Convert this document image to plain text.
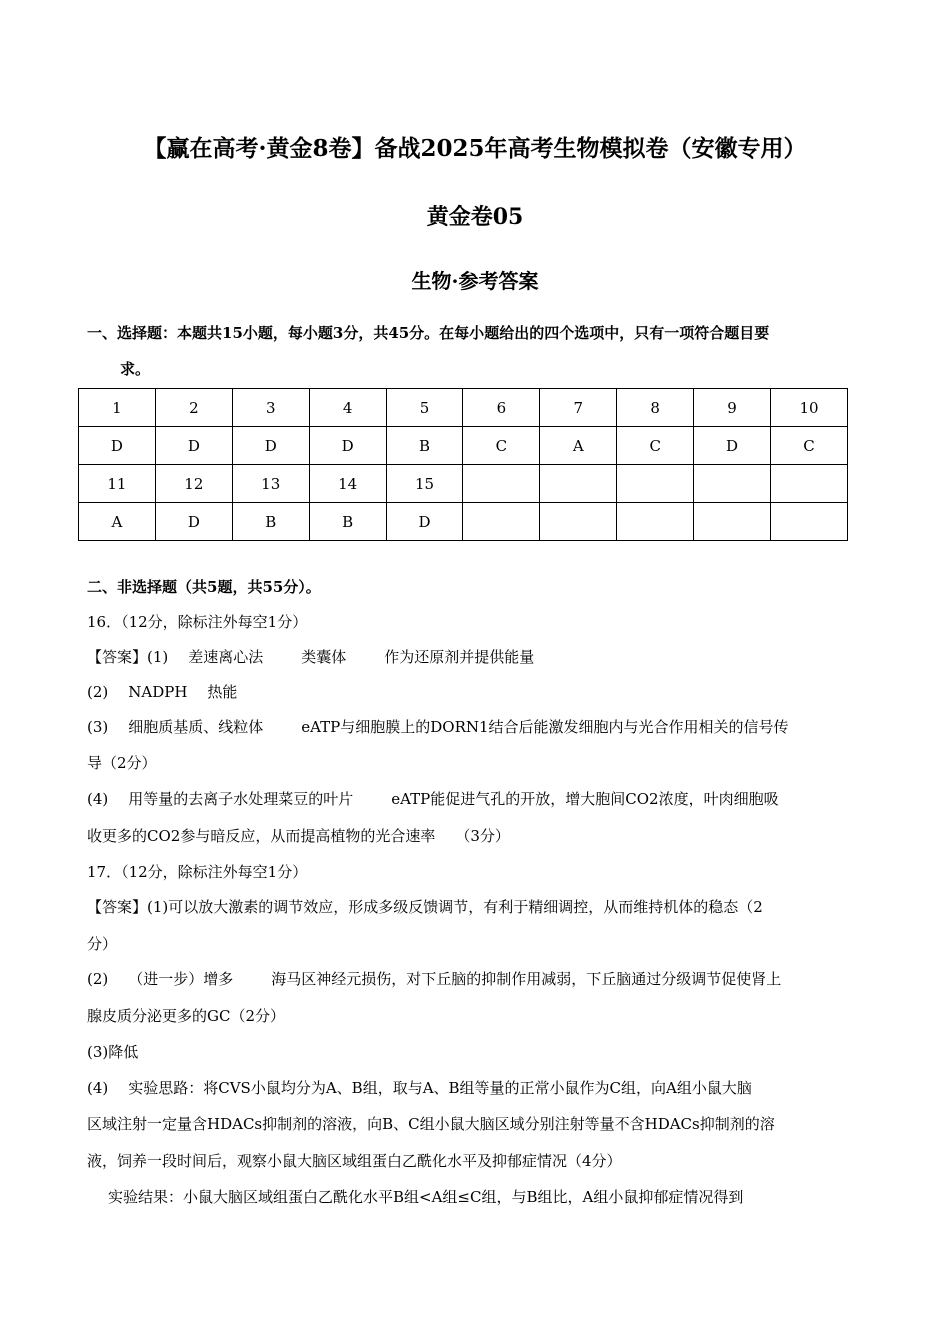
【赢在高考·黄金8卷】备战2025年高考生物模拟卷（安徽专用）
黄金卷05
生物·参考答案
一、选择题：本题共15小题，每小题3分，共45分。在每小题给出的四个选项中，只有一项符合题目要
求。
1	2	3	4	5	6	7	8	9	10
D	D	D	D	B	C	A	C	D	C
11	12	13	14	15					
A	D	B	B	D					
二、非选择题（共5题，共55分）。
16．（12分，除标注外每空1分）
【答案】(1) 差速离心法	类囊体	作为还原剂并提供能量
(2) NADPH 热能
(3) 细胞质基质、线粒体	eATP与细胞膜上的DORN1结合后能激发细胞内与光合作用相关的信号传
导（2分）
(4) 用等量的去离子水处理菜豆的叶片	eATP能促进气孔的开放，增大胞间CO2浓度，叶肉细胞吸
收更多的CO2参与暗反应，从而提高植物的光合速率 （3分）
17．（12分，除标注外每空1分）
【答案】(1)可以放大激素的调节效应，形成多级反馈调节，有利于精细调控，从而维持机体的稳态（2
分）
(2) （进一步）增多	海马区神经元损伤，对下丘脑的抑制作用减弱，下丘脑通过分级调节促使肾上
腺皮质分泌更多的GC（2分）
(3)降低
(4) 实验思路：将CVS小鼠均分为A、B组，取与A、B组等量的正常小鼠作为C组，向A组小鼠大脑
区域注射一定量含HDACs抑制剂的溶液，向B、C组小鼠大脑区域分别注射等量不含HDACs抑制剂的溶
液，饲养一段时间后，观察小鼠大脑区域组蛋白乙酰化水平及抑郁症情况（4分）
实验结果：小鼠大脑区域组蛋白乙酰化水平B组<A组≤C组，与B组比，A组小鼠抑郁症情况得到
